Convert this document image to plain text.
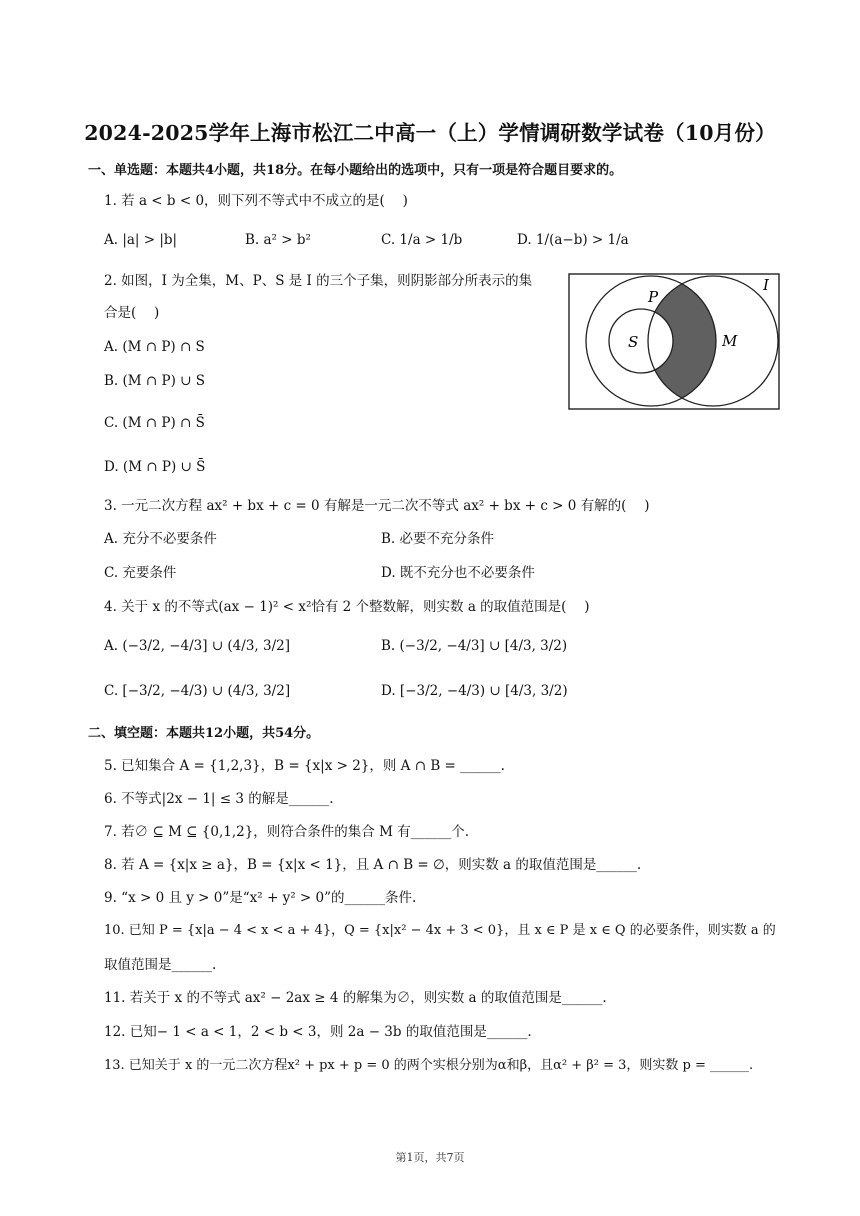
2024-2025学年上海市松江二中高一（上）学情调研数学试卷（10月份）
一、单选题：本题共4小题，共18分。在每小题给出的选项中，只有一项是符合题目要求的。
1. 若 a < b < 0，则下列不等式中不成立的是(　 )
A. |a| > |b|	B. a² > b²	C. 1/a > 1/b	D. 1/(a−b) > 1/a
2. 如图，I 为全集，M、P、S 是 I 的三个子集，则阴影部分所表示的集
合是(　 )
A. (M ∩ P) ∩ S
B. (M ∩ P) ∪ S
C. (M ∩ P) ∩ S̄
D. (M ∩ P) ∪ S̄
I
P
S	M
3. 一元二次方程 ax² + bx + c = 0 有解是一元二次不等式 ax² + bx + c > 0 有解的(　 )
A. 充分不必要条件	B. 必要不充分条件
C. 充要条件	D. 既不充分也不必要条件
4. 关于 x 的不等式(ax − 1)² < x²恰有 2 个整数解，则实数 a 的取值范围是(　 )
A. (−3/2, −4/3] ∪ (4/3, 3/2]	B. (−3/2, −4/3] ∪ [4/3, 3/2)
C. [−3/2, −4/3) ∪ (4/3, 3/2]	D. [−3/2, −4/3) ∪ [4/3, 3/2)
二、填空题：本题共12小题，共54分。
5. 已知集合 A = {1,2,3}，B = {x|x > 2}，则 A ∩ B = ______.
6. 不等式|2x − 1| ≤ 3 的解是______.
7. 若∅ ⊆ M ⊆ {0,1,2}，则符合条件的集合 M 有______个.
8. 若 A = {x|x ≥ a}，B = {x|x < 1}，且 A ∩ B = ∅，则实数 a 的取值范围是______.
9. “x > 0 且 y > 0”是“x² + y² > 0”的______条件.
10. 已知 P = {x|a − 4 < x < a + 4}，Q = {x|x² − 4x + 3 < 0}，且 x ∈ P 是 x ∈ Q 的必要条件，则实数 a 的
取值范围是______.
11. 若关于 x 的不等式 ax² − 2ax ≥ 4 的解集为∅，则实数 a 的取值范围是______.
12. 已知− 1 < a < 1，2 < b < 3，则 2a − 3b 的取值范围是______.
13. 已知关于 x 的一元二次方程x² + px + p = 0 的两个实根分别为α和β，且α² + β² = 3，则实数 p = ______.
第1页，共7页
